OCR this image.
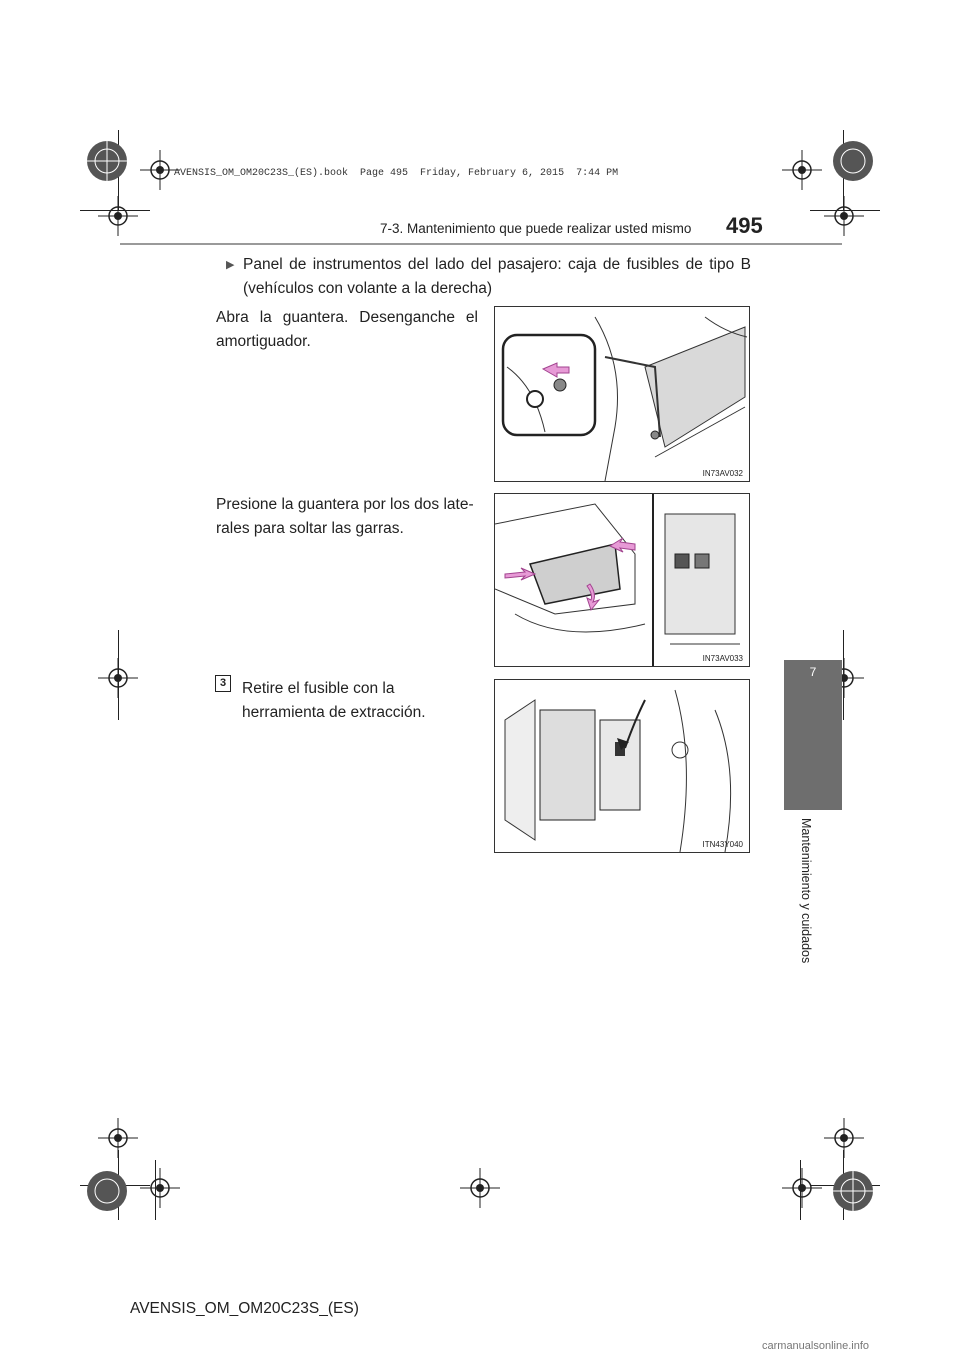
AVENSIS_OM_OM20C23S_(ES).book  Page 495  Friday, February 6, 2015  7:44 PM
7-3. Mantenimiento que puede realizar usted mismo 495
7
Mantenimiento y cuidados
▶ Panel de instrumentos del lado del pasajero: caja de fusibles de tipo B (vehículos con volante a la derecha)
Abra la guantera. Desenganche el amortiguador.
Presione la guantera por los dos late- rales para soltar las garras.
3	Retire el fusible con la herramienta de extracción.
IN73AV032
IN73AV033
ITN43Y040
AVENSIS_OM_OM20C23S_(ES)
carmanualsonline.info
